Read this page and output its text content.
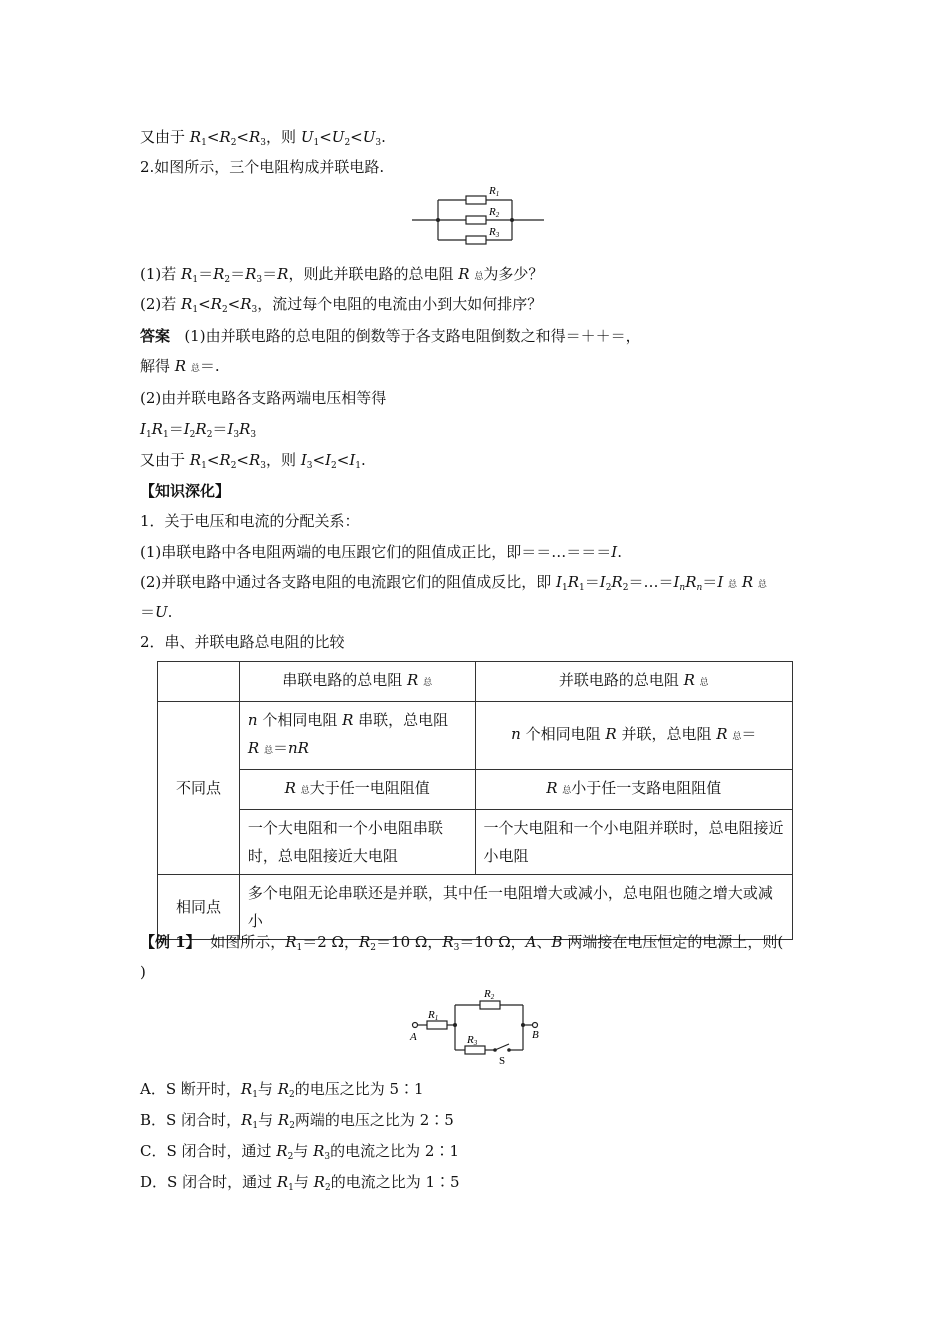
又由于 $R_1<R_2<R_3$，则 $U_1<U_2<U_3$.
2.如图所示，三个电阻构成并联电路.
R1
R2
R3
(1)若 $R_1=R_2=R_3=R$，则此并联电路的总电阻 R 总为多少？
(2)若 $R_1<R_2<R_3$，流过每个电阻的电流由小到大如何排序？
答案 (1)由并联电路的总电阻的倒数等于各支路电阻倒数之和得＝＋＋＝，
解得 R 总＝.
(2)由并联电路各支路两端电压相等得
$I_1R_1=I_2R_2=I_3R_3$
又由于 $R_1<R_2<R_3$，则 $I_3<I_2<I_1$.
【知识深化】
1．关于电压和电流的分配关系：
(1)串联电路中各电阻两端的电压跟它们的阻值成正比，即＝＝…＝＝＝I.
(2)并联电路中通过各支路电阻的电流跟它们的阻值成反比，即 $I_1R_1=I_2R_2=\dots=I_nR_n=I$ 总 R 总
＝U.
2．串、并联电路总电阻的比较
	串联电路的总电阻 R 总	并联电路的总电阻 R 总
不同点	n 个相同电阻 R 串联，总电阻
R 总＝nR	n 个相同电阻 R 并联，总电阻 R 总＝
	R 总大于任一电阻阻值	R 总小于任一支路电阻阻值
	一个大电阻和一个小电阻串联时，总电阻接近大电阻	一个大电阻和一个小电阻并联时，总电阻接近小电阻
相同点	多个电阻无论串联还是并联，其中任一电阻增大或减小，总电阻也随之增大或减小	
【例 1】  如图所示，$R_1=2$ Ω，$R_2=10$ Ω，$R_3=10$ Ω，A、B 两端接在电压恒定的电源上，则(
)
R1
R2
R3
A	B
S
A．S 断开时，$R_1$与 $R_2$的电压之比为 5∶1
B．S 闭合时，$R_1$与 $R_2$两端的电压之比为 2∶5
C．S 闭合时，通过 $R_2$与 $R_3$的电流之比为 2∶1
D．S 闭合时，通过 $R_1$与 $R_2$的电流之比为 1∶5
